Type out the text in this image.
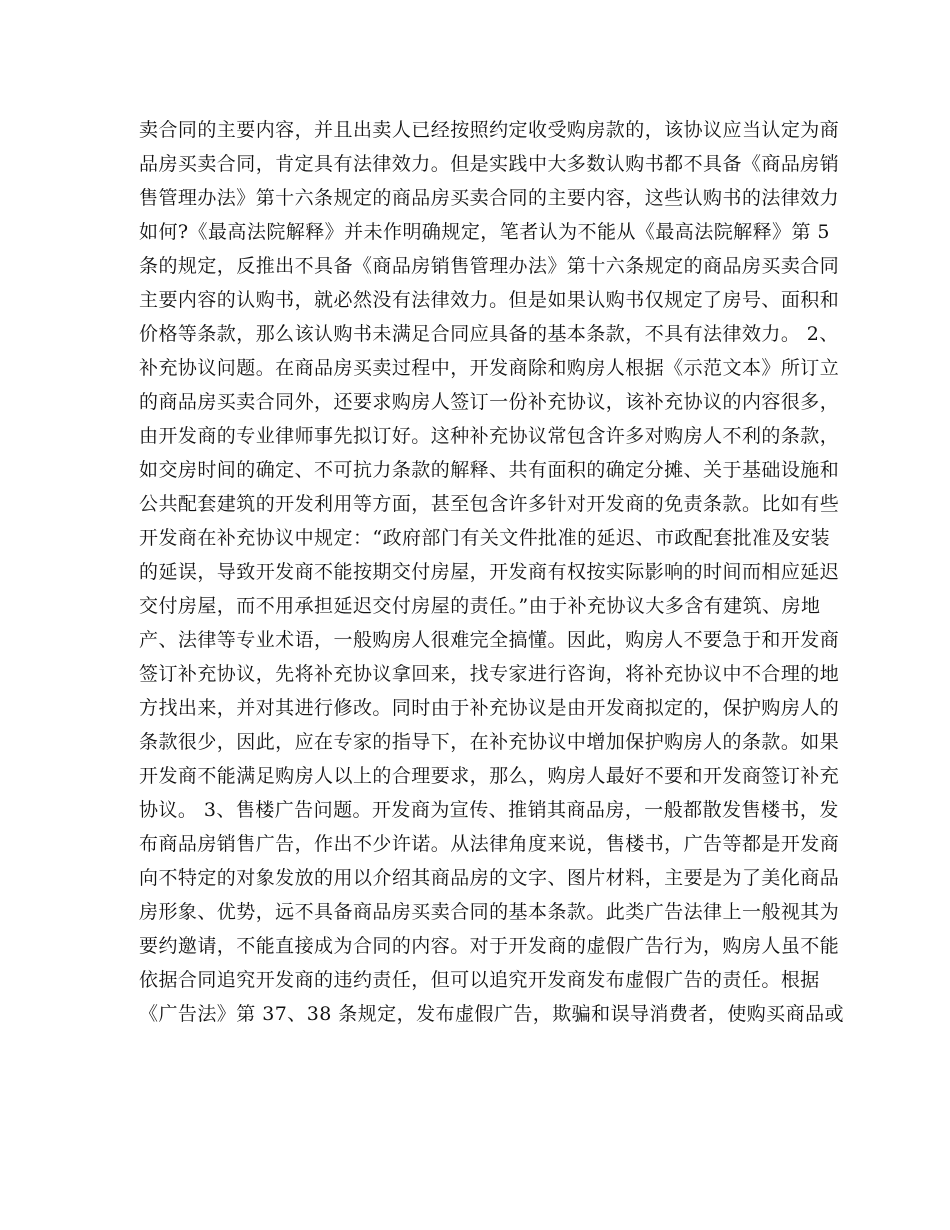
卖合同的主要内容，并且出卖人已经按照约定收受购房款的，该协议应当认定为商
品房买卖合同，肯定具有法律效力。但是实践中大多数认购书都不具备《商品房销
售管理办法》第十六条规定的商品房买卖合同的主要内容，这些认购书的法律效力
如何?《最高法院解释》并未作明确规定，笔者认为不能从《最高法院解释》第 5
条的规定，反推出不具备《商品房销售管理办法》第十六条规定的商品房买卖合同
主要内容的认购书，就必然没有法律效力。但是如果认购书仅规定了房号、面积和
价格等条款，那么该认购书未满足合同应具备的基本条款，不具有法律效力。 2、
补充协议问题。在商品房买卖过程中，开发商除和购房人根据《示范文本》所订立
的商品房买卖合同外，还要求购房人签订一份补充协议，该补充协议的内容很多，
由开发商的专业律师事先拟订好。这种补充协议常包含许多对购房人不利的条款，
如交房时间的确定、不可抗力条款的解释、共有面积的确定分摊、关于基础设施和
公共配套建筑的开发利用等方面，甚至包含许多针对开发商的免责条款。比如有些
开发商在补充协议中规定：“政府部门有关文件批准的延迟、市政配套批准及安装
的延误，导致开发商不能按期交付房屋，开发商有权按实际影响的时间而相应延迟
交付房屋，而不用承担延迟交付房屋的责任。”由于补充协议大多含有建筑、房地
产、法律等专业术语，一般购房人很难完全搞懂。因此，购房人不要急于和开发商
签订补充协议，先将补充协议拿回来，找专家进行咨询，将补充协议中不合理的地
方找出来，并对其进行修改。同时由于补充协议是由开发商拟定的，保护购房人的
条款很少，因此，应在专家的指导下，在补充协议中增加保护购房人的条款。如果
开发商不能满足购房人以上的合理要求，那么，购房人最好不要和开发商签订补充
协议。 3、售楼广告问题。开发商为宣传、推销其商品房，一般都散发售楼书，发
布商品房销售广告，作出不少许诺。从法律角度来说，售楼书，广告等都是开发商
向不特定的对象发放的用以介绍其商品房的文字、图片材料，主要是为了美化商品
房形象、优势，远不具备商品房买卖合同的基本条款。此类广告法律上一般视其为
要约邀请，不能直接成为合同的内容。对于开发商的虚假广告行为，购房人虽不能
依据合同追究开发商的违约责任，但可以追究开发商发布虚假广告的责任。根据
《广告法》第 37、38 条规定，发布虚假广告，欺骗和误导消费者，使购买商品或
